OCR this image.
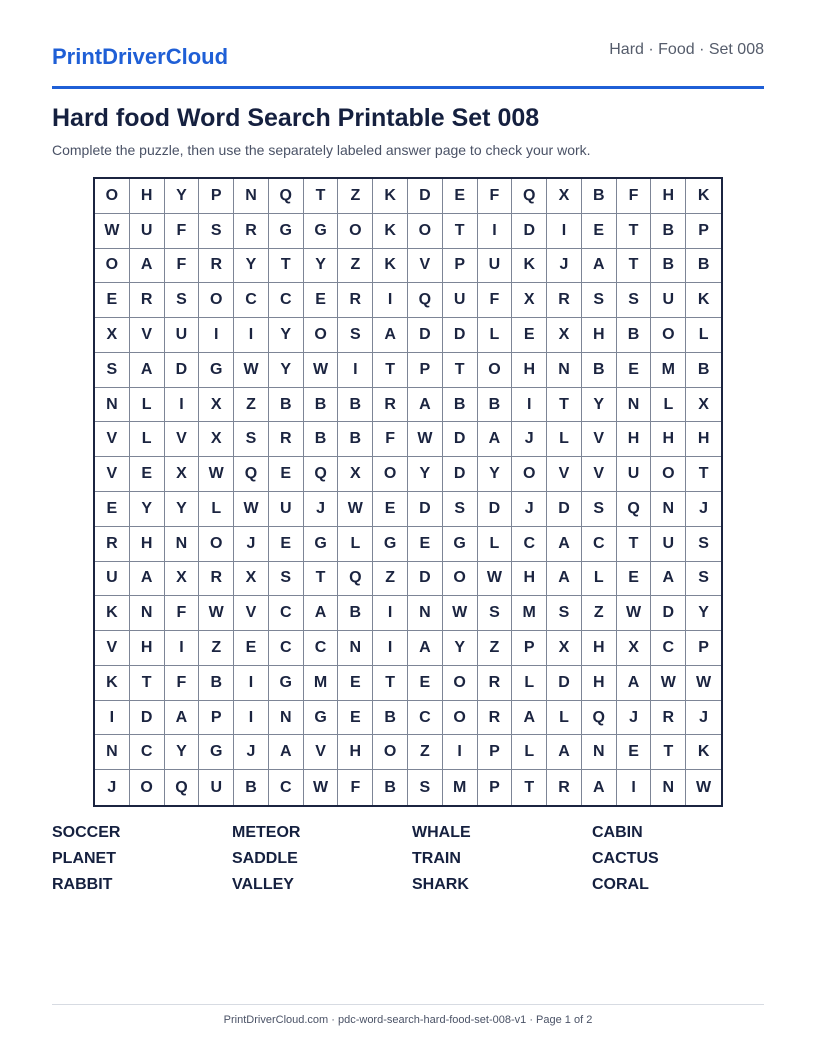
PrintDriverCloud	Hard · Food · Set 008
Hard food Word Search Printable Set 008
Complete the puzzle, then use the separately labeled answer page to check your work.
O	H	Y	P	N	Q	T	Z	K	D	E	F	Q	X	B	F	H	K
W	U	F	S	R	G	G	O	K	O	T	I	D	I	E	T	B	P
O	A	F	R	Y	T	Y	Z	K	V	P	U	K	J	A	T	B	B
E	R	S	O	C	C	E	R	I	Q	U	F	X	R	S	S	U	K
X	V	U	I	I	Y	O	S	A	D	D	L	E	X	H	B	O	L
S	A	D	G	W	Y	W	I	T	P	T	O	H	N	B	E	M	B
N	L	I	X	Z	B	B	B	R	A	B	B	I	T	Y	N	L	X
V	L	V	X	S	R	B	B	F	W	D	A	J	L	V	H	H	H
V	E	X	W	Q	E	Q	X	O	Y	D	Y	O	V	V	U	O	T
E	Y	Y	L	W	U	J	W	E	D	S	D	J	D	S	Q	N	J
R	H	N	O	J	E	G	L	G	E	G	L	C	A	C	T	U	S
U	A	X	R	X	S	T	Q	Z	D	O	W	H	A	L	E	A	S
K	N	F	W	V	C	A	B	I	N	W	S	M	S	Z	W	D	Y
V	H	I	Z	E	C	C	N	I	A	Y	Z	P	X	H	X	C	P
K	T	F	B	I	G	M	E	T	E	O	R	L	D	H	A	W	W
I	D	A	P	I	N	G	E	B	C	O	R	A	L	Q	J	R	J
N	C	Y	G	J	A	V	H	O	Z	I	P	L	A	N	E	T	K
J	O	Q	U	B	C	W	F	B	S	M	P	T	R	A	I	N	W
SOCCER	METEOR	WHALE	CABIN
PLANET	SADDLE	TRAIN	CACTUS
RABBIT	VALLEY	SHARK	CORAL
PrintDriverCloud.com · pdc-word-search-hard-food-set-008-v1 · Page 1 of 2
